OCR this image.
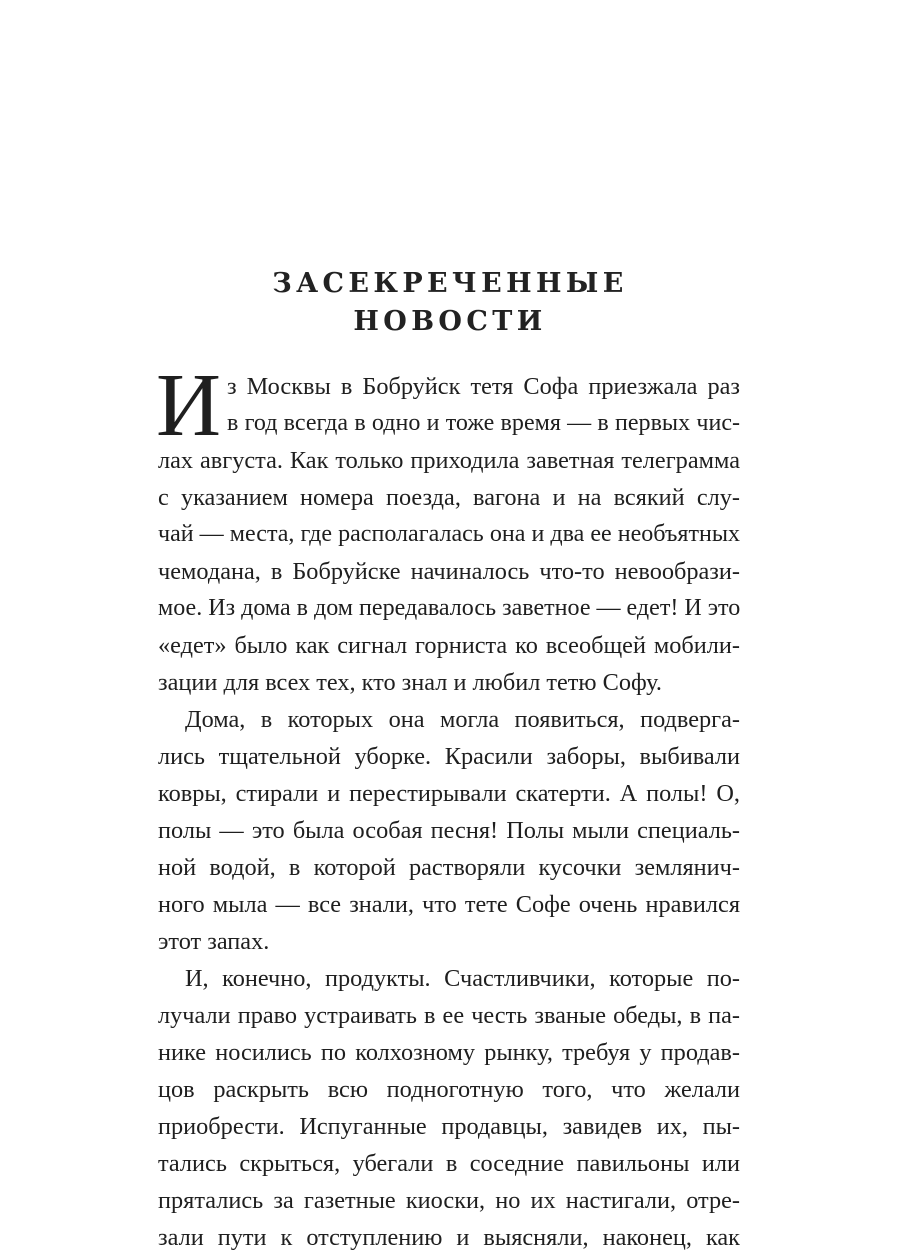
ЗАСЕКРЕЧЕННЫЕ
НОВОСТИ
И з Москвы в Бобруйск тетя Софа приезжала раз
в год всегда в одно и тоже время — в первых чис-
лах августа. Как только приходила заветная телеграмма
с указанием номера поезда, вагона и на всякий слу-
чай — места, где располагалась она и два ее необъятных
чемодана, в Бобруйске начиналось что-то невообрази-
мое. Из дома в дом передавалось заветное — едет! И это
«едет» было как сигнал горниста ко всеобщей мобили-
зации для всех тех, кто знал и любил тетю Софу.
Дома, в которых она могла появиться, подверга-
лись тщательной уборке. Красили заборы, выбивали
ковры, стирали и перестирывали скатерти. А полы! О,
полы — это была особая песня! Полы мыли специаль-
ной водой, в которой растворяли кусочки землянич-
ного мыла — все знали, что тете Софе очень нравился
этот запах.
И, конечно, продукты. Счастливчики, которые по-
лучали право устраивать в ее честь званые обеды, в па-
нике носились по колхозному рынку, требуя у продав-
цов раскрыть всю подноготную того, что желали
приобрести. Испуганные продавцы, завидев их, пы-
тались скрыться, убегали в соседние павильоны или
прятались за газетные киоски, но их настигали, отре-
зали пути к отступлению и выясняли, наконец, как
